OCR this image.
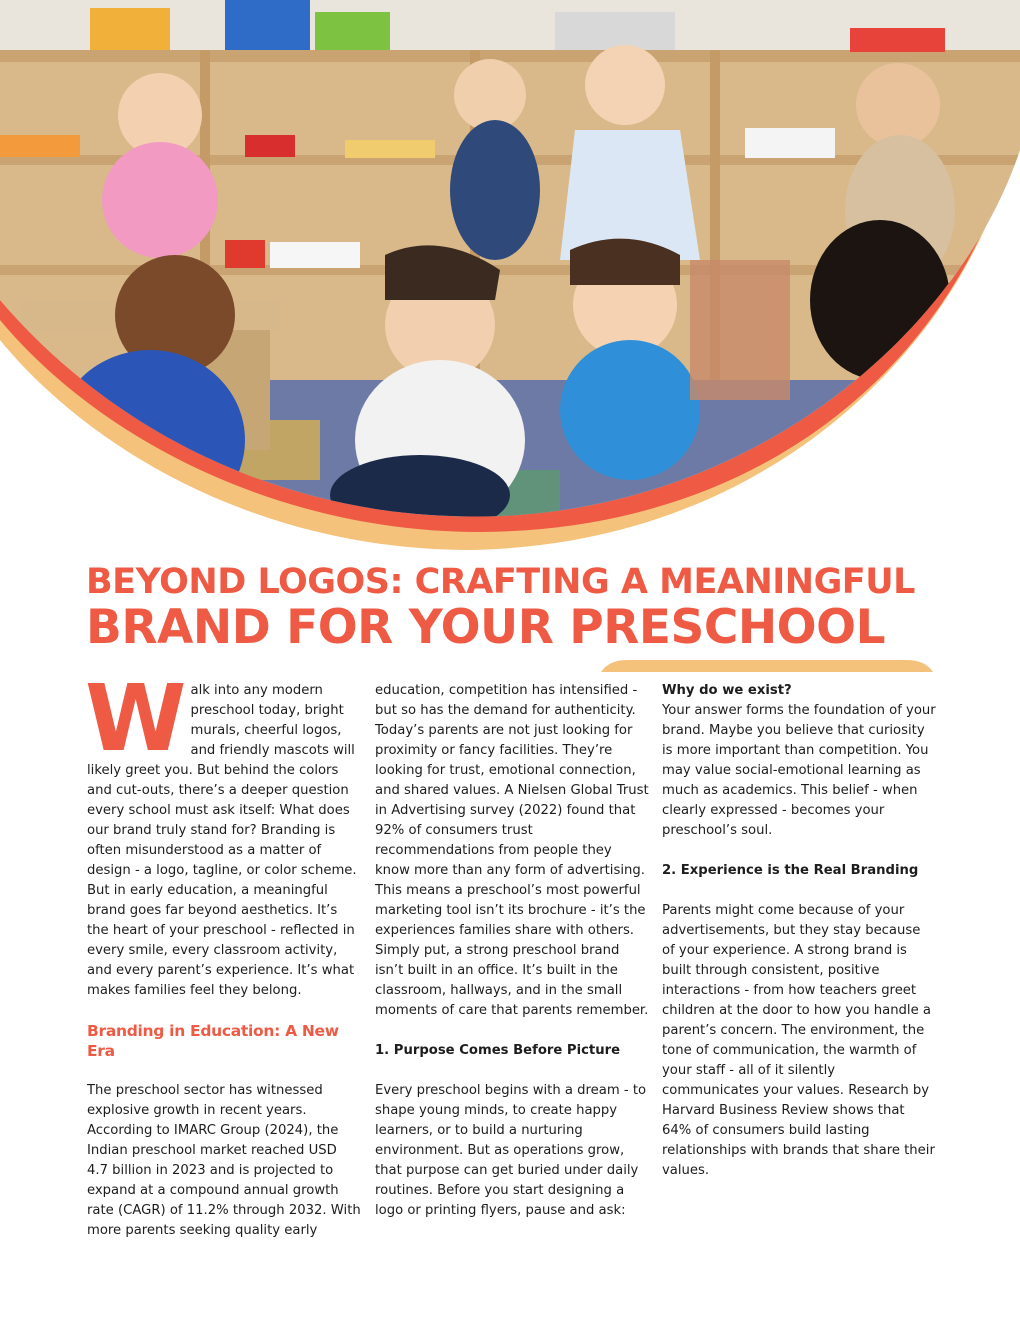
BEYOND LOGOS: CRAFTING A MEANINGFUL
BRAND FOR YOUR PRESCHOOL

Walk into any modern preschool today, bright murals, cheerful logos, and friendly mascots will likely greet you. But behind the colors and cut-outs, there’s a deeper question every school must ask itself: What does our brand truly stand for? Branding is often misunderstood as a matter of design - a logo, tagline, or color scheme. But in early education, a meaningful brand goes far beyond aesthetics. It’s the heart of your preschool - reflected in every smile, every classroom activity, and every parent’s experience. It’s what makes families feel they belong.

Branding in Education: A New Era

The preschool sector has witnessed explosive growth in recent years. According to IMARC Group (2024), the Indian preschool market reached USD 4.7 billion in 2023 and is projected to expand at a compound annual growth rate (CAGR) of 11.2% through 2032. With more parents seeking quality early

education, competition has intensified - but so has the demand for authenticity. Today’s parents are not just looking for proximity or fancy facilities. They’re looking for trust, emotional connection, and shared values. A Nielsen Global Trust in Advertising survey (2022) found that 92% of consumers trust recommendations from people they know more than any form of advertising. This means a preschool’s most powerful marketing tool isn’t its brochure - it’s the experiences families share with others. Simply put, a strong preschool brand isn’t built in an office. It’s built in the classroom, hallways, and in the small moments of care that parents remember.

1. Purpose Comes Before Picture

Every preschool begins with a dream - to shape young minds, to create happy learners, or to build a nurturing environment. But as operations grow, that purpose can get buried under daily routines. Before you start designing a logo or printing flyers, pause and ask:

Why do we exist?

Your answer forms the foundation of your brand. Maybe you believe that curiosity is more important than competition. You may value social-emotional learning as much as academics. This belief - when clearly expressed - becomes your preschool’s soul.

2. Experience is the Real Branding

Parents might come because of your advertisements, but they stay because of your experience. A strong brand is built through consistent, positive interactions - from how teachers greet children at the door to how you handle a parent’s concern. The environment, the tone of communication, the warmth of your staff - all of it silently communicates your values. Research by Harvard Business Review shows that 64% of consumers build lasting relationships with brands that share their values.
